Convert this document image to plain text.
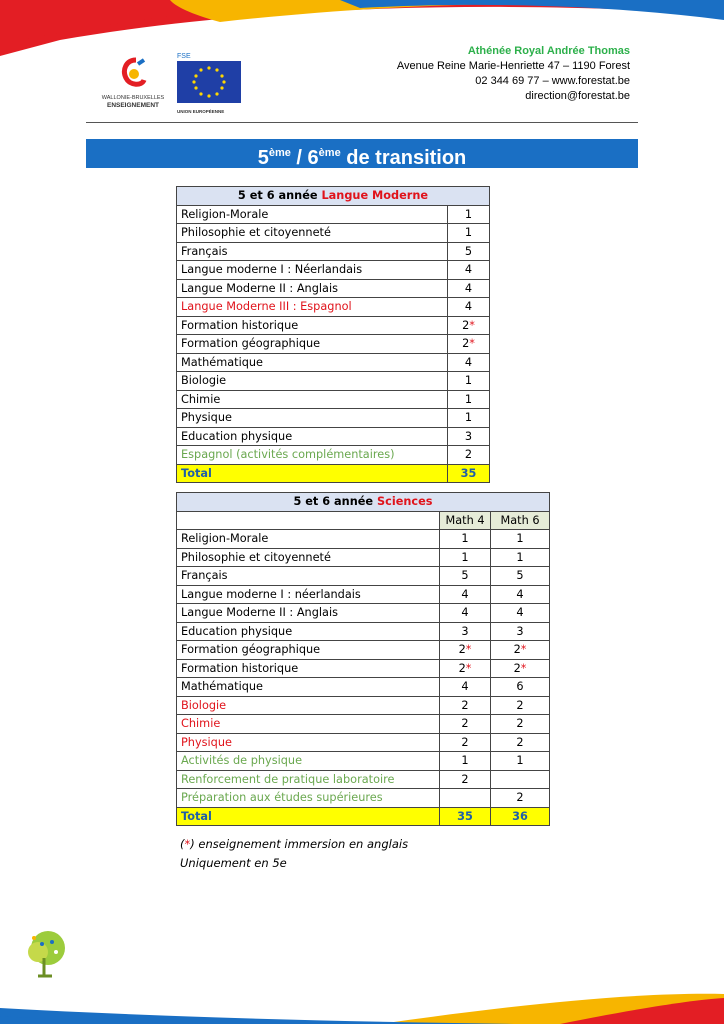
WALLONIE-BRUXELLES
ENSEIGNEMENT
FSE
UNION EUROPÉENNE
Athénée Royal Andrée Thomas
Avenue Reine Marie-Henriette 47 – 1190 Forest
02 344 69 77 – www.forestat.be
direction@forestat.be
5ème / 6ème de transition
5 et 6 année Langue Moderne	
Religion-Morale	1
Philosophie et citoyenneté	1
Français	5
Langue moderne I : Néerlandais	4
Langue Moderne II : Anglais	4
Langue Moderne III : Espagnol	4
Formation historique	2*
Formation géographique	2*
Mathématique	4
Biologie	1
Chimie	1
Physique	1
Education physique	3
Espagnol (activités complémentaires)	2
Total	35
5 et 6 année Sciences		
	Math 4	Math 6
Religion-Morale	1	1
Philosophie et citoyenneté	1	1
Français	5	5
Langue moderne I : néerlandais	4	4
Langue Moderne II : Anglais	4	4
Education physique	3	3
Formation géographique	2*	2*
Formation historique	2*	2*
Mathématique	4	6
Biologie	2	2
Chimie	2	2
Physique	2	2
Activités de physique	1	1
Renforcement de pratique laboratoire	2	
Préparation aux études supérieures		2
Total	35	36
(*) enseignement immersion en anglais
Uniquement en 5e
